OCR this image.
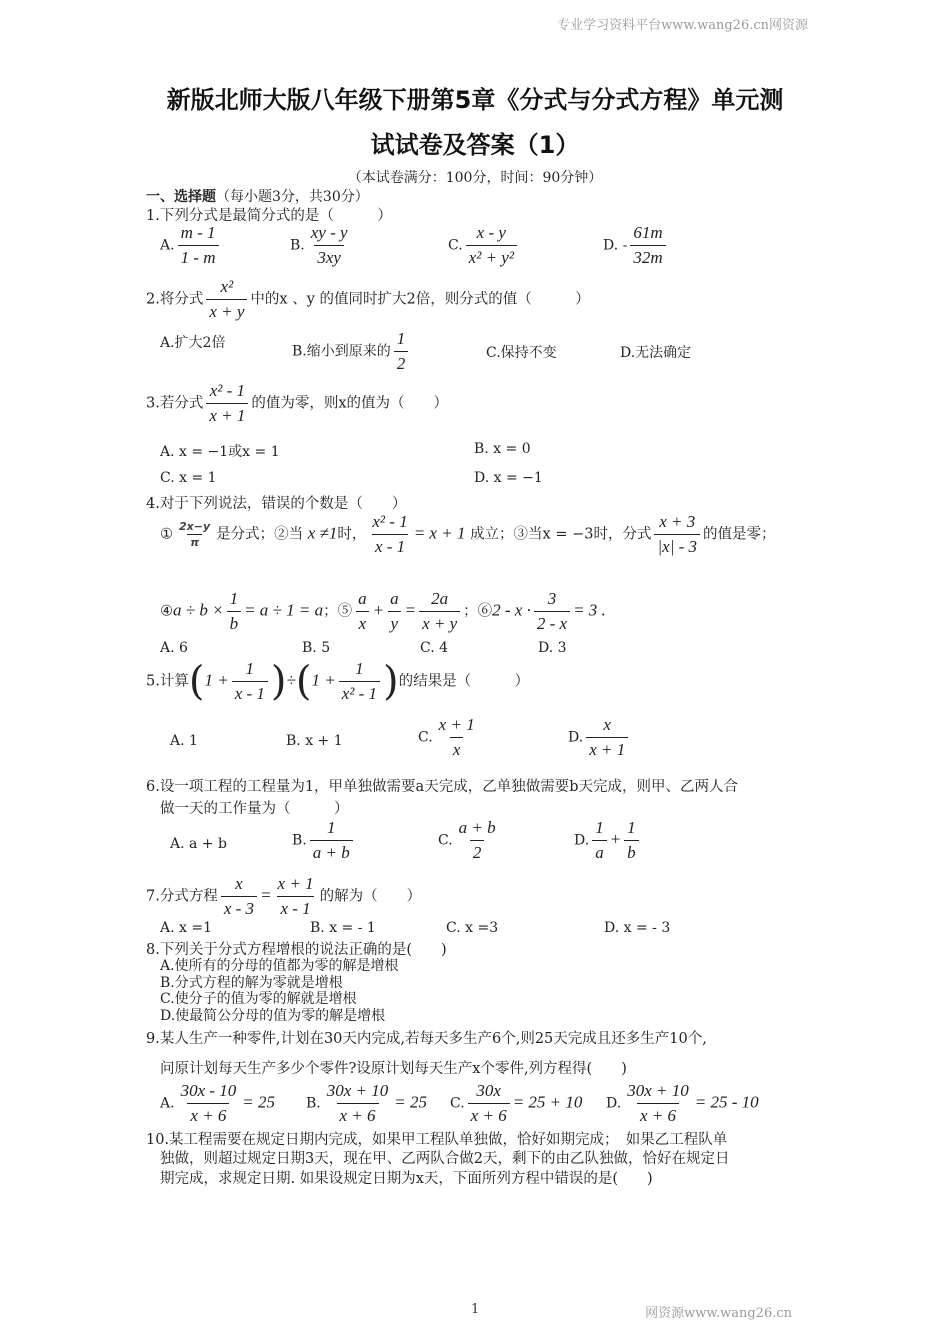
专业学习资料平台www.wang26.cn网资源
新版北师大版八年级下册第5章《分式与分式方程》单元测
试试卷及答案（1）
（本试卷满分：100分，时间：90分钟）
一、选择题（每小题3分，共30分）
1.下列分式是最简分式的是（　　　）
A. $\frac{m - 1}{1 - m}$	B. $\frac{xy - y}{3xy}$	C. $\frac{x - y}{\text{x² + y²}}$	D. - $\frac{61m}{32m}$
2.将分式 $\frac{\text{x²}}{x + y}$ 中的x 、y 的值同时扩大2倍，则分式的值（　　　）
A.扩大2倍
B.缩小到原来的 $\frac{1}{2}$	C.保持不变	D.无法确定
3.若分式 $\frac{\text{x² - 1}}{x + 1}$ 的值为零，则x的值为（　　）
A. x = −1或x = 1	B. x = 0
C. x = 1	D. x = −1
4.对于下列说法，错误的个数是（　　）
① $\frac{2x-y}{\pi}$ 是分式；②当 x ≠1时， $\frac{\text{x² - 1}}{x - 1} = x + 1$ 成立；③当x = −3时，分式 $\frac{x + 3}{|x| - 3}$ 的值是零；
④a ÷ $b \times \frac{1}{b} = a \div 1 = a$；⑤ $\frac{a}{x} + \frac{a}{y} = \frac{2a}{x + y}$ ；⑥2 - $x \cdot \frac{3}{2 - x} = 3$ .
A. 6	B. 5	C. 4	D. 3
5.计算$(1 + \frac{1}{x - 1} )\div(1 + \frac{1}{\text{x² - 1}}$ )的结果是（　　　）
A. 1	B. x + 1	C. $\frac{x + 1}{x}$	D. $\frac{x}{x + 1}$
6.设一项工程的工程量为1，甲单独做需要a天完成，乙单独做需要b天完成，则甲、乙两人合
做一天的工作量为（　　　）
A. a + b	B. $\frac{1}{a + b}$	C. $\frac{a + b}{2}$	D. $\frac{1}{a} + \frac{1}{b}$
7.分式方程 $\frac{x}{x - 3} = \frac{x + 1}{x - 1}$ 的解为（　　）
A. x =1	B. x = - 1	C. x =3	D. x = - 3
8.下列关于分式方程增根的说法正确的是(　　)
A.使所有的分母的值都为零的解是增根
B.分式方程的解为零就是增根
C.使分子的值为零的解就是增根
D.使最简公分母的值为零的解是增根
9.某人生产一种零件,计划在30天内完成,若每天多生产6个,则25天完成且还多生产10个,
问原计划每天生产多少个零件?设原计划每天生产x个零件,列方程得(　　)
A. $\frac{30x - 10}{x + 6} = 25$ B. $\frac{30x + 10}{x + 6} = 25$ C. $\frac{30x}{x + 6} = 25 + 10$ D. $\frac{30x + 10}{x + 6} = 25 - 10$
10.某工程需要在规定日期内完成，如果甲工程队单独做，恰好如期完成；　如果乙工程队单
独做，则超过规定日期3天，现在甲、乙两队合做2天，剩下的由乙队独做，恰好在规定日
期完成，求规定日期. 如果设规定日期为x天，下面所列方程中错误的是(　　)
1	网资源www.wang26.cn
